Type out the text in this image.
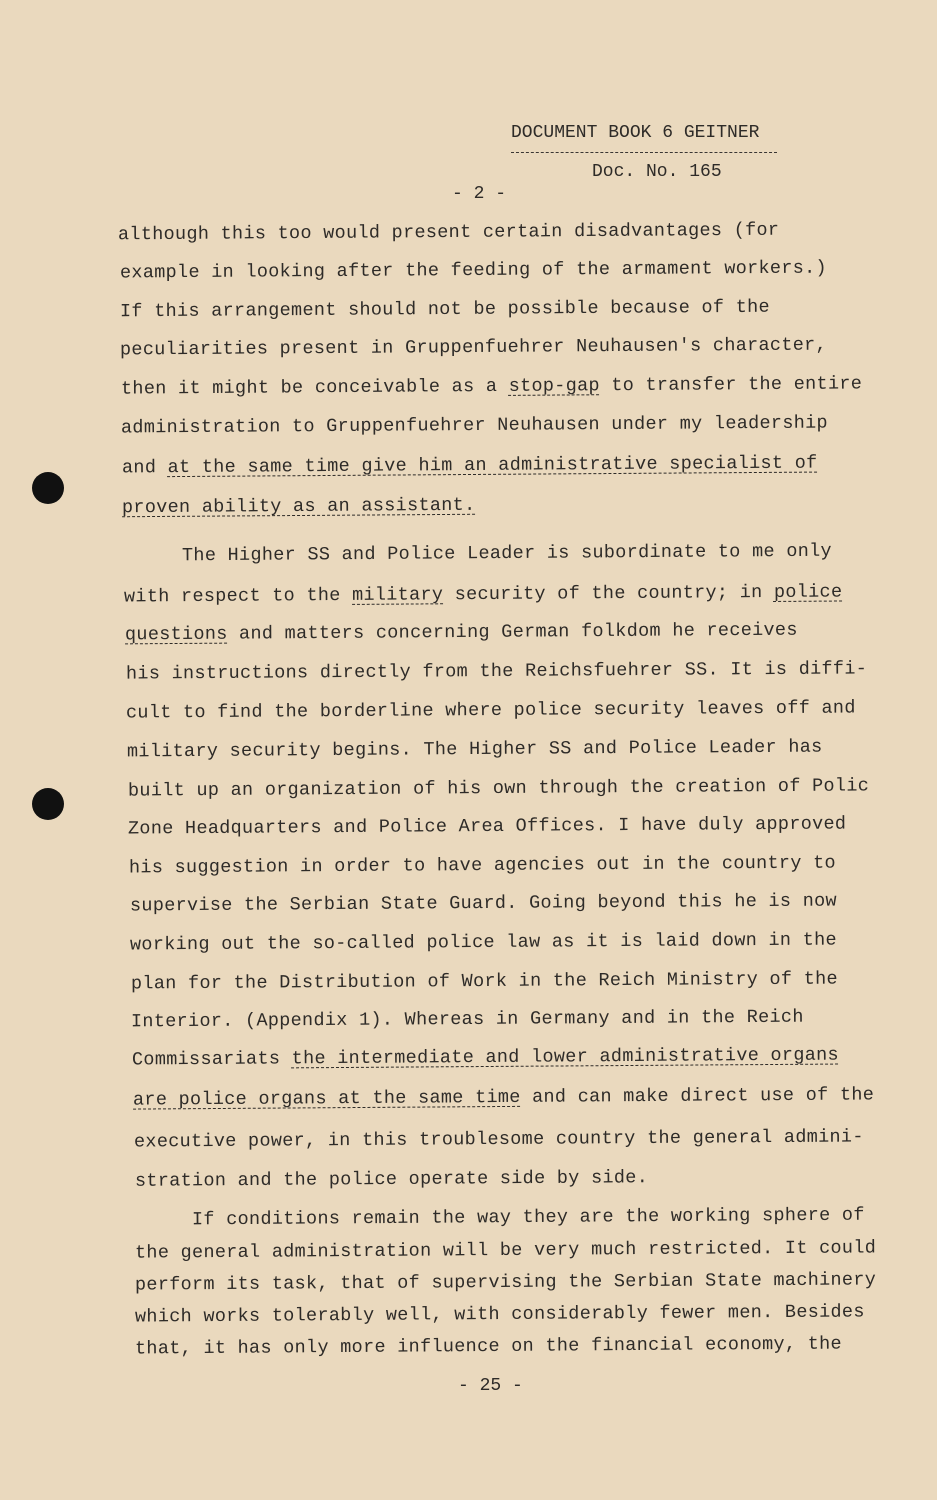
DOCUMENT BOOK 6 GEITNER
Doc. No. 165
- 2 -
although this too would present certain disadvantages (for
example in looking after the feeding of the armament workers.)
If this arrangement should not be possible because of the
peculiarities present in Gruppenfuehrer Neuhausen's character,
then it might be conceivable as a stop-gap to transfer the entire
administration to Gruppenfuehrer Neuhausen under my leadership
and at the same time give him an administrative specialist of
proven ability as an assistant.
The Higher SS and Police Leader is subordinate to me only
with respect to the military security of the country; in police
questions and matters concerning German folkdom he receives
his instructions directly from the Reichsfuehrer SS. It is diffi-
cult to find the borderline where police security leaves off and
military security begins. The Higher SS and Police Leader has
built up an organization of his own through the creation of Polic
Zone Headquarters and Police Area Offices. I have duly approved
his suggestion in order to have agencies out in the country to
supervise the Serbian State Guard. Going beyond this he is now
working out the so-called police law as it is laid down in the
plan for the Distribution of Work in the Reich Ministry of the
Interior. (Appendix 1). Whereas in Germany and in the Reich
Commissariats the intermediate and lower administrative organs
are police organs at the same time and can make direct use of the
executive power, in this troublesome country the general admini-
stration and the police operate side by side.
If conditions remain the way they are the working sphere of
the general administration will be very much restricted. It could
perform its task, that of supervising the Serbian State machinery
which works tolerably well, with considerably fewer men. Besides
that, it has only more influence on the financial economy, the
- 25 -
